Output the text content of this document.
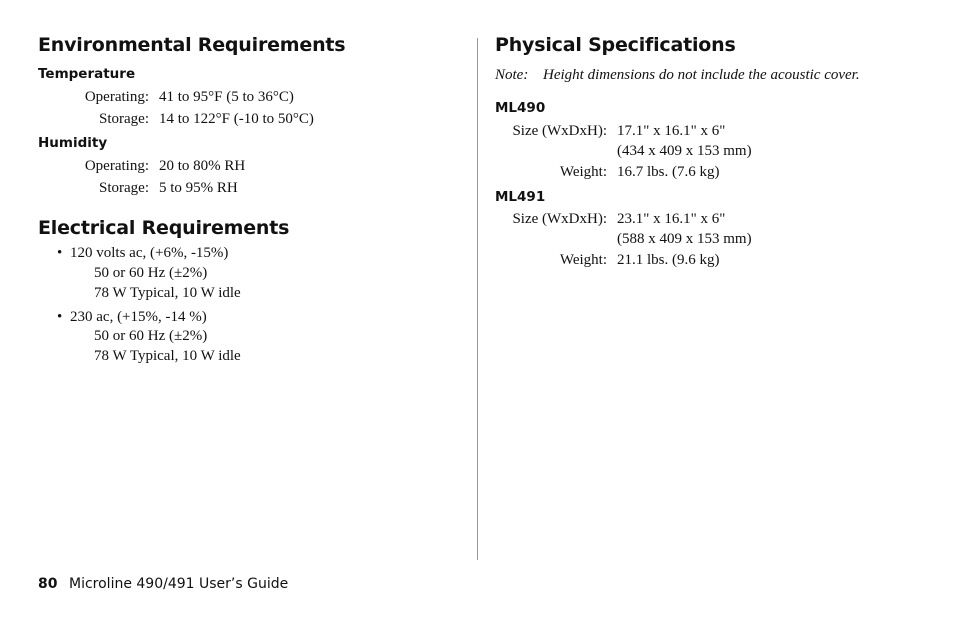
Environmental Requirements
Temperature
Operating: 41 to 95°F (5 to 36°C)
Storage: 14 to 122°F (-10 to 50°C)
Humidity
Operating: 20 to 80% RH
Storage: 5 to 95% RH
Electrical Requirements
• 120 volts ac, (+6%, -15%)
50 or 60 Hz (±2%)
78 W Typical, 10 W idle
• 230 ac, (+15%, -14 %)
50 or 60 Hz (±2%)
78 W Typical, 10 W idle
Physical Specifications
Note: Height dimensions do not include the acoustic cover.
ML490
Size (WxDxH): 17.1" x 16.1" x 6"
(434 x 409 x 153 mm)
Weight: 16.7 lbs. (7.6 kg)
ML491
Size (WxDxH): 23.1" x 16.1" x 6"
(588 x 409 x 153 mm)
Weight: 21.1 lbs. (9.6 kg)
80 Microline 490/491 User’s Guide
